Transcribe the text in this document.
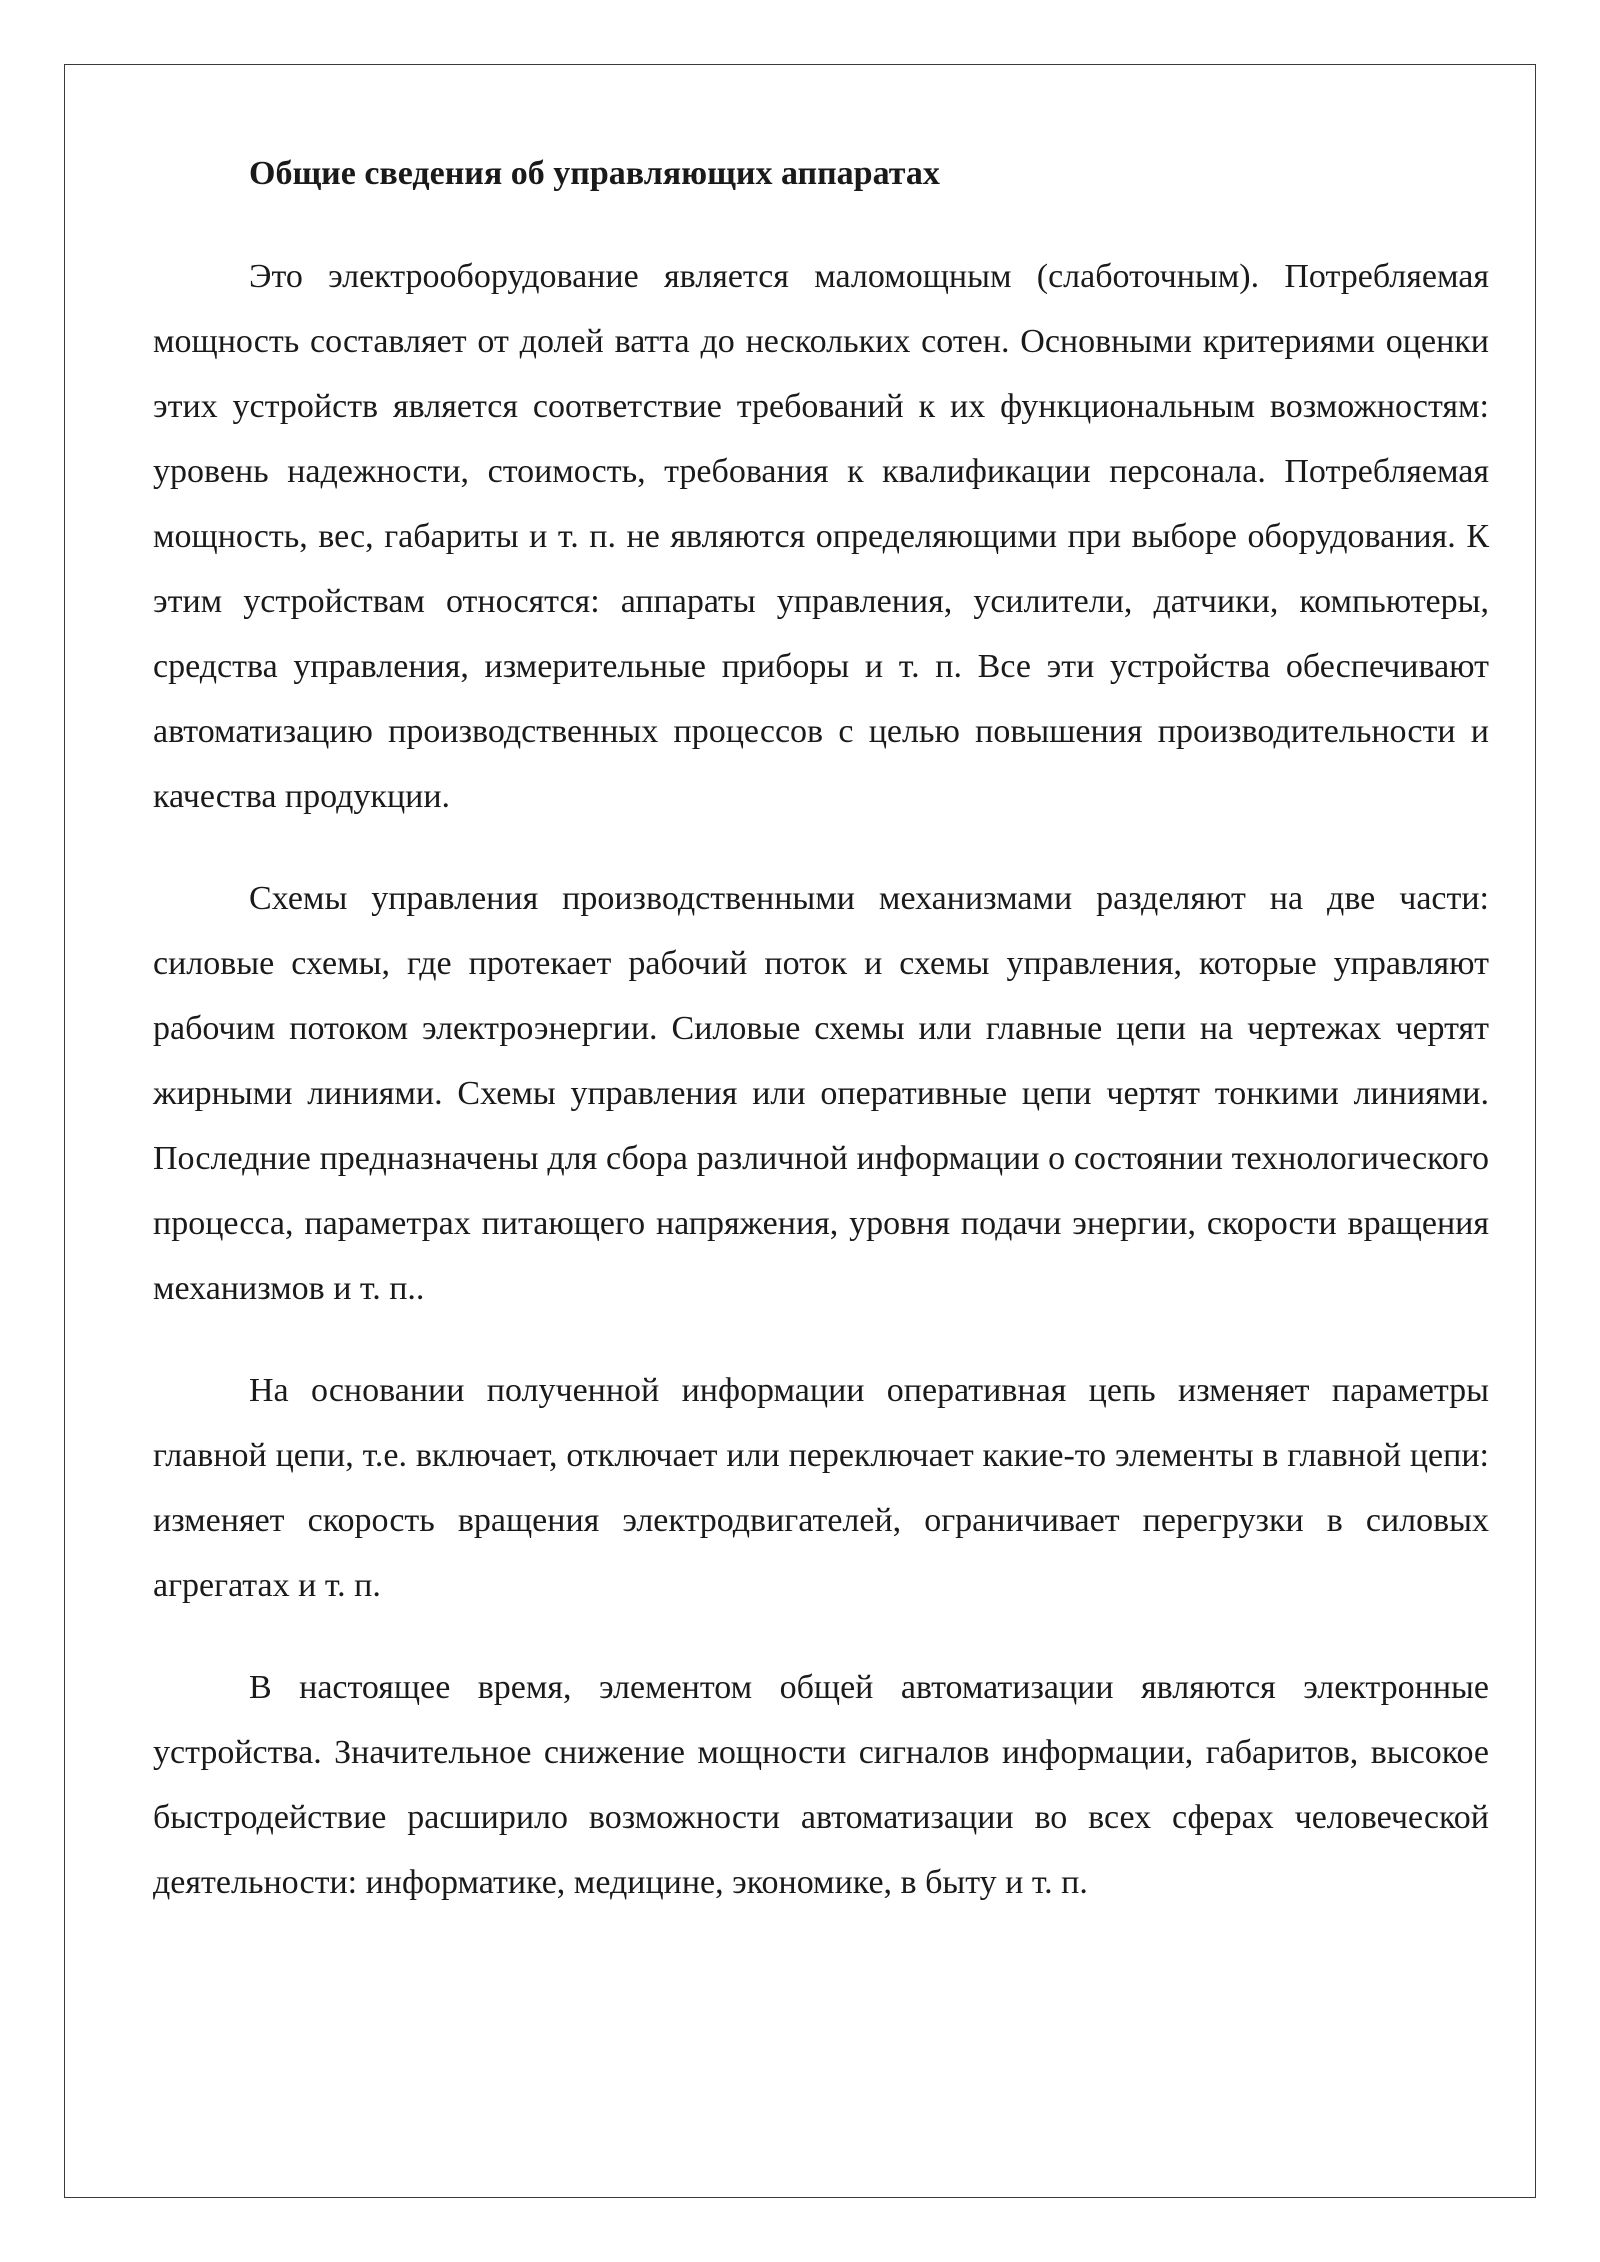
Общие сведения об управляющих аппаратах

Это электрооборудование является маломощным (слаботочным). Потребляемая мощность составляет от долей ватта до нескольких сотен. Основными критериями оценки этих устройств является соответствие требований к их функциональным возможностям: уровень надежности, стоимость, требования к квалификации персонала. Потребляемая мощность, вес, габариты и т. п. не являются определяющими при выборе оборудования. К этим устройствам относятся: аппараты управления, усилители, датчики, компьютеры, средства управления, измерительные приборы и т. п. Все эти устройства обеспечивают автоматизацию производственных процессов с целью повышения производительности и качества продукции.

Схемы управления производственными механизмами разделяют на две части: силовые схемы, где протекает рабочий поток и схемы управления, которые управляют рабочим потоком электроэнергии. Силовые схемы или главные цепи на чертежах чертят жирными линиями. Схемы управления или оперативные цепи чертят тонкими линиями. Последние предназначены для сбора различной информации о состоянии технологического процесса, параметрах питающего напряжения, уровня подачи энергии, скорости вращения механизмов и т. п..

На основании полученной информации оперативная цепь изменяет параметры главной цепи, т.е. включает, отключает или переключает какие-то элементы в главной цепи: изменяет скорость вращения электродвигателей, ограничивает перегрузки в силовых агрегатах и т. п.

В настоящее время, элементом общей автоматизации являются электронные устройства. Значительное снижение мощности сигналов информации, габаритов, высокое быстродействие расширило возможности автоматизации во всех сферах человеческой деятельности: информатике, медицине, экономике, в быту и т. п.
